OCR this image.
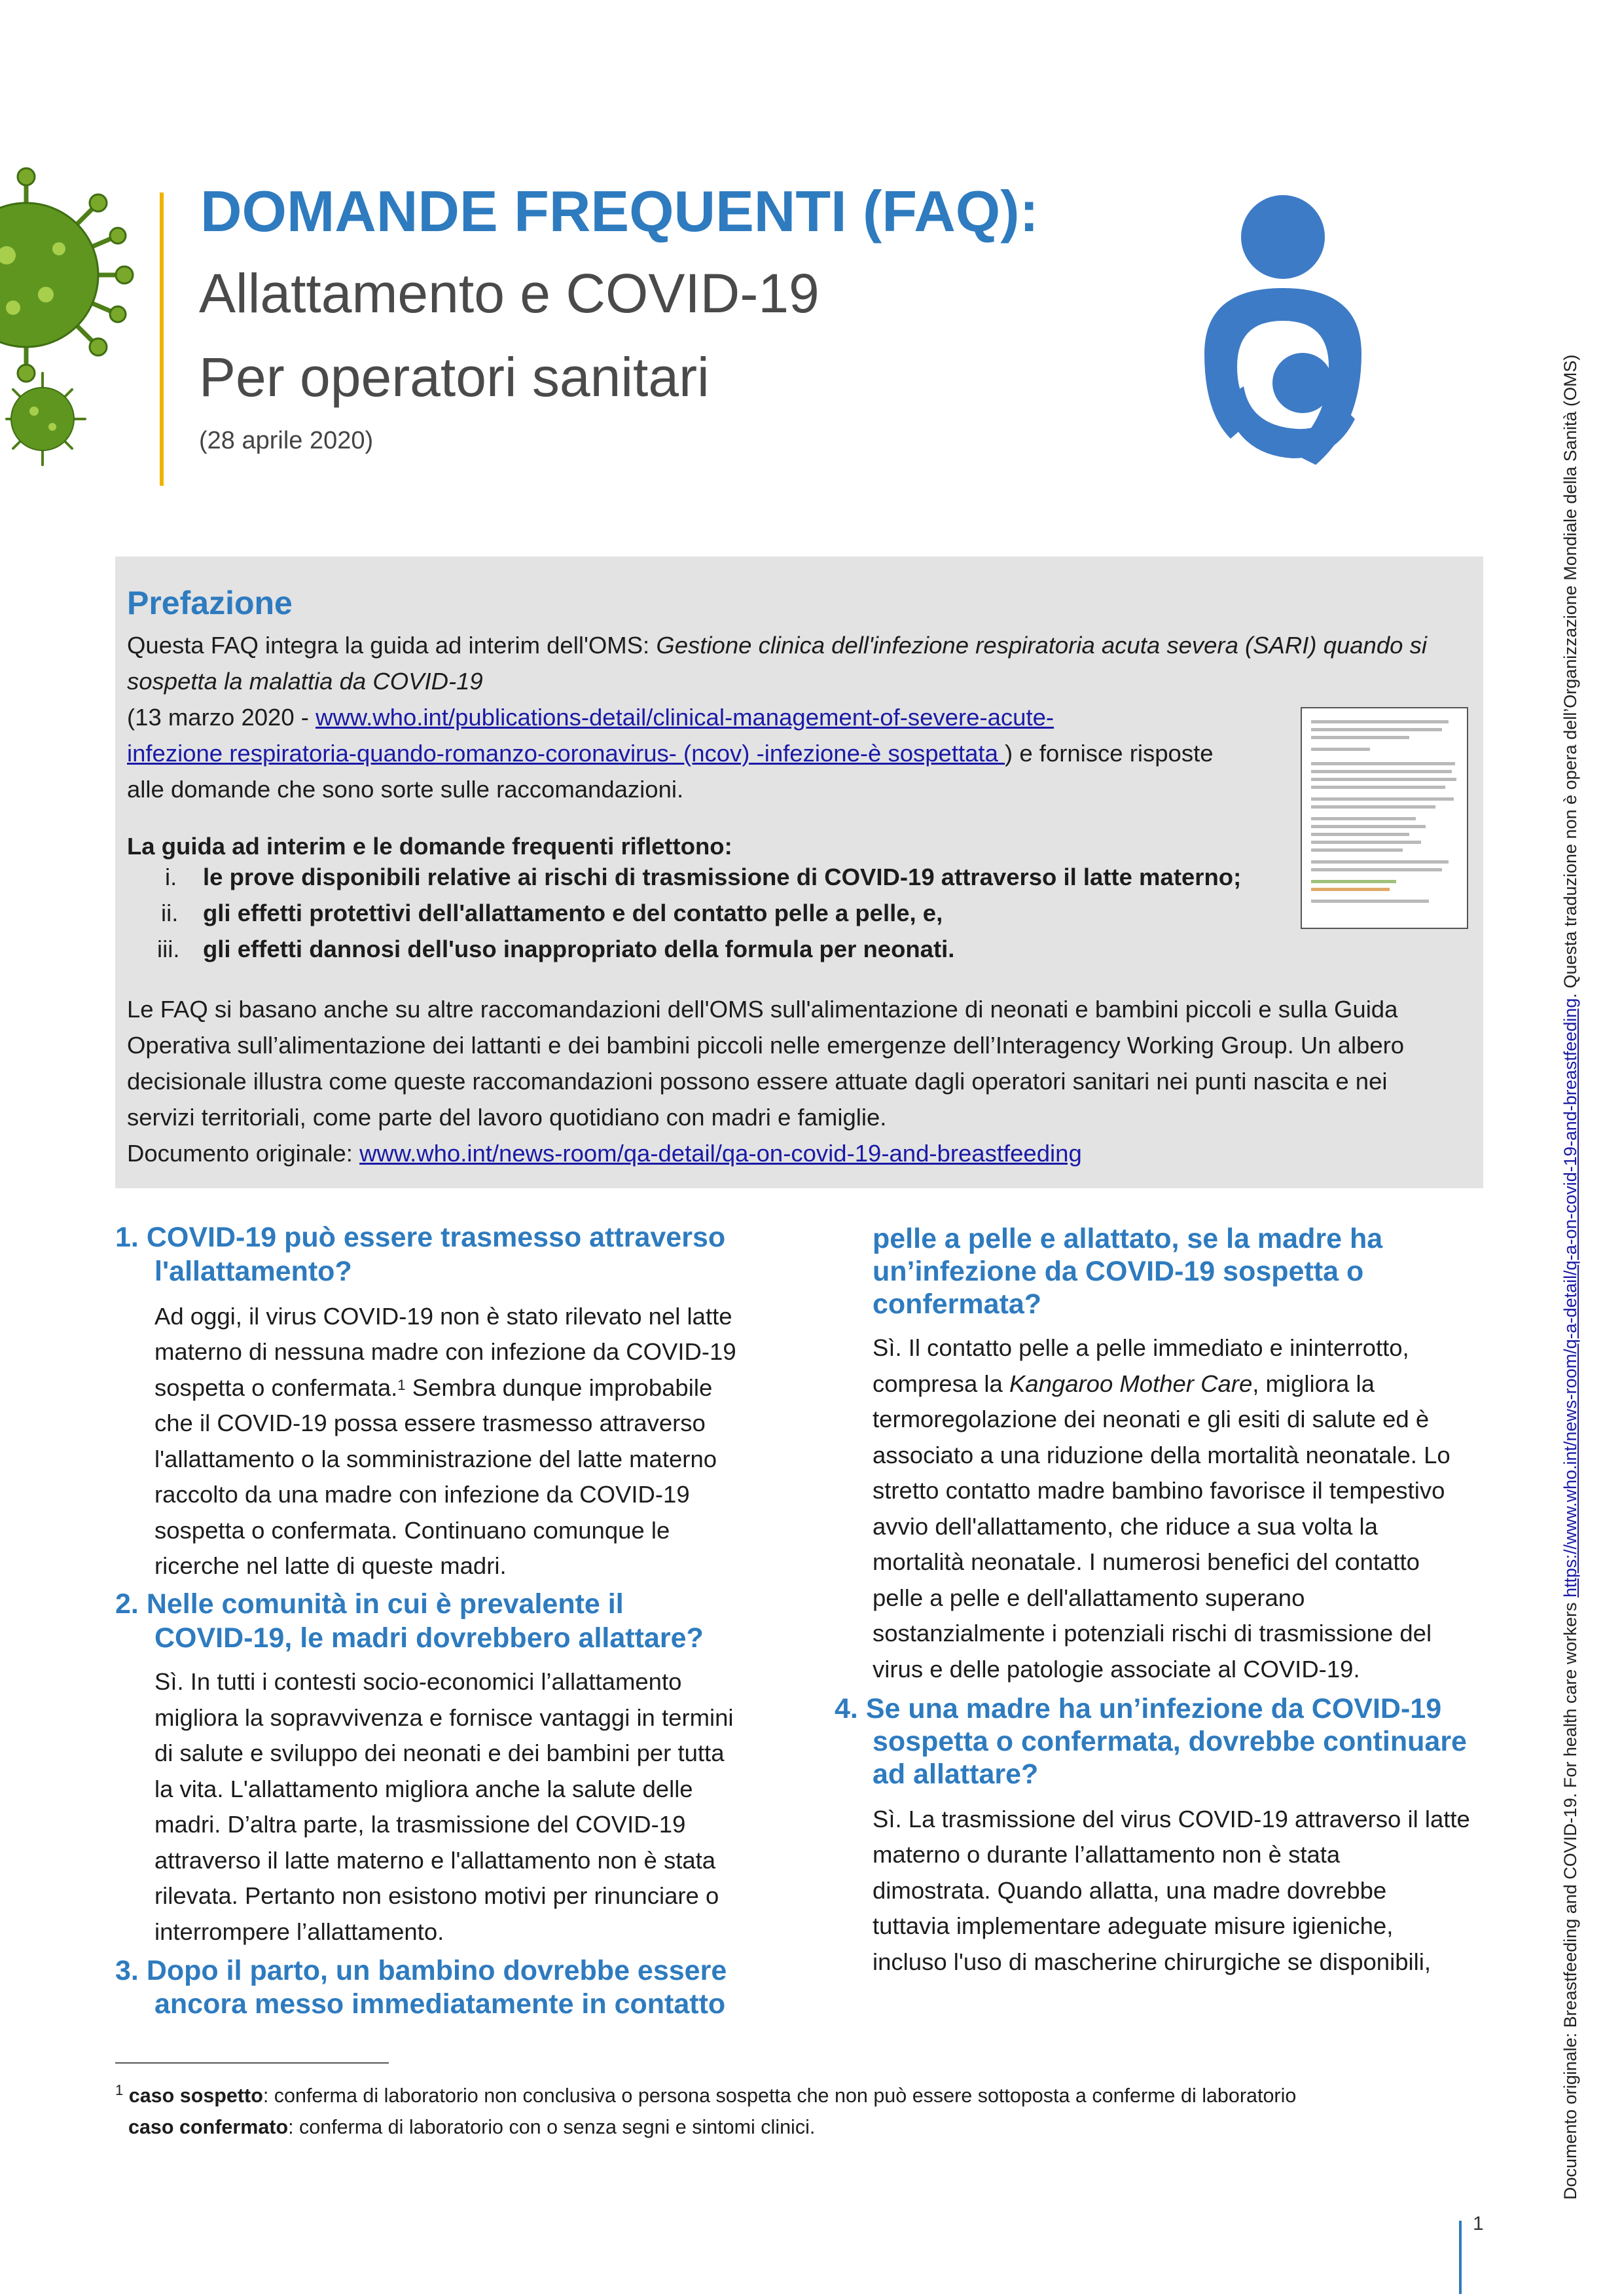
DOMANDE FREQUENTI (FAQ):
Allattamento e COVID-19
Per operatori sanitari
(28 aprile 2020)
Documento originale: Breastfeeding and COVID-19. For health care workers https://www.who.int/news-room/q-a-detail/q-a-on-covid-19-and-breastfeeding. Questa traduzione non è opera dell’Organizzazione Mondiale della Sanità (OMS)
Prefazione
Questa FAQ integra la guida ad interim dell'OMS: Gestione clinica dell'infezione respiratoria acuta severa (SARI) quando si
sospetta la malattia da COVID-19
(13 marzo 2020 - www.who.int/publications-detail/clinical-management-of-severe-acute-
infezione respiratoria-quando-romanzo-coronavirus- (ncov) -infezione-è sospettata ) e fornisce risposte
alle domande che sono sorte sulle raccomandazioni.
La guida ad interim e le domande frequenti riflettono:
i. le prove disponibili relative ai rischi di trasmissione di COVID-19 attraverso il latte materno;
ii. gli effetti protettivi dell'allattamento e del contatto pelle a pelle, e,
iii. gli effetti dannosi dell'uso inappropriato della formula per neonati.
Le FAQ si basano anche su altre raccomandazioni dell'OMS sull'alimentazione di neonati e bambini piccoli e sulla Guida
Operativa sull’alimentazione dei lattanti e dei bambini piccoli nelle emergenze dell’Interagency Working Group. Un albero
decisionale illustra come queste raccomandazioni possono essere attuate dagli operatori sanitari nei punti nascita e nei
servizi territoriali, come parte del lavoro quotidiano con madri e famiglie.
Documento originale: www.who.int/news-room/qa-detail/qa-on-covid-19-and-breastfeeding
1. COVID-19 può essere trasmesso attraverso
l'allattamento?
Ad oggi, il virus COVID-19 non è stato rilevato nel latte
materno di nessuna madre con infezione da COVID-19
sospetta o confermata.$^1$ Sembra dunque improbabile
che il COVID-19 possa essere trasmesso attraverso
l'allattamento o la somministrazione del latte materno
raccolto da una madre con infezione da COVID-19
sospetta o confermata. Continuano comunque le
ricerche nel latte di queste madri.
2. Nelle comunità in cui è prevalente il
COVID-19, le madri dovrebbero allattare?
Sì. In tutti i contesti socio-economici l’allattamento
migliora la sopravvivenza e fornisce vantaggi in termini
di salute e sviluppo dei neonati e dei bambini per tutta
la vita. L'allattamento migliora anche la salute delle
madri. D’altra parte, la trasmissione del COVID-19
attraverso il latte materno e l'allattamento non è stata
rilevata. Pertanto non esistono motivi per rinunciare o
interrompere l’allattamento.
3. Dopo il parto, un bambino dovrebbe essere
ancora messo immediatamente in contatto
pelle a pelle e allattato, se la madre ha
un’infezione da COVID-19 sospetta o
confermata?
Sì. Il contatto pelle a pelle immediato e ininterrotto,
compresa la Kangaroo Mother Care, migliora la
termoregolazione dei neonati e gli esiti di salute ed è
associato a una riduzione della mortalità neonatale. Lo
stretto contatto madre bambino favorisce il tempestivo
avvio dell'allattamento, che riduce a sua volta la
mortalità neonatale. I numerosi benefici del contatto
pelle a pelle e dell'allattamento superano
sostanzialmente i potenziali rischi di trasmissione del
virus e delle patologie associate al COVID-19.
4. Se una madre ha un’infezione da COVID-19
sospetta o confermata, dovrebbe continuare
ad allattare?
Sì. La trasmissione del virus COVID-19 attraverso il latte
materno o durante l’allattamento non è stata
dimostrata. Quando allatta, una madre dovrebbe
tuttavia implementare adeguate misure igieniche,
incluso l'uso di mascherine chirurgiche se disponibili,
$^1$ caso sospetto: conferma di laboratorio non conclusiva o persona sospetta che non può essere sottoposta a conferme di laboratorio
caso confermato: conferma di laboratorio con o senza segni e sintomi clinici.
1
